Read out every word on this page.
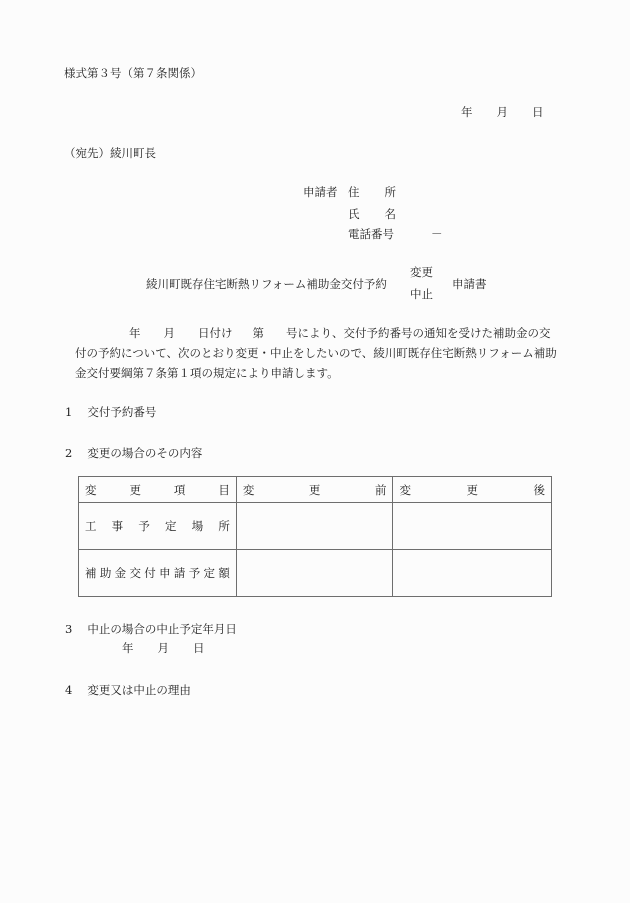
様式第３号（第７条関係）
年 月 日
（宛先）綾川町長
申請者 住 所
氏 名
電話番号	－
綾川町既存住宅断熱リフォーム補助金交付予約
変更
中止
申請書
年 月 日付け 第 号により、交付予約番号の通知を受けた補助金の交
付の予約について、次のとおり変更・中止をしたいので、綾川町既存住宅断熱リフォーム補助
金交付要綱第７条第１項の規定により申請します。
1 交付予約番号
2 変更の場合のその内容
変 更 項 目	変 更 前	変 更 後

工 事 予 定 場 所

補 助 金 交 付 申 請 予 定 額

3 中止の場合の中止予定年月日
年 月 日
4 変更又は中止の理由
